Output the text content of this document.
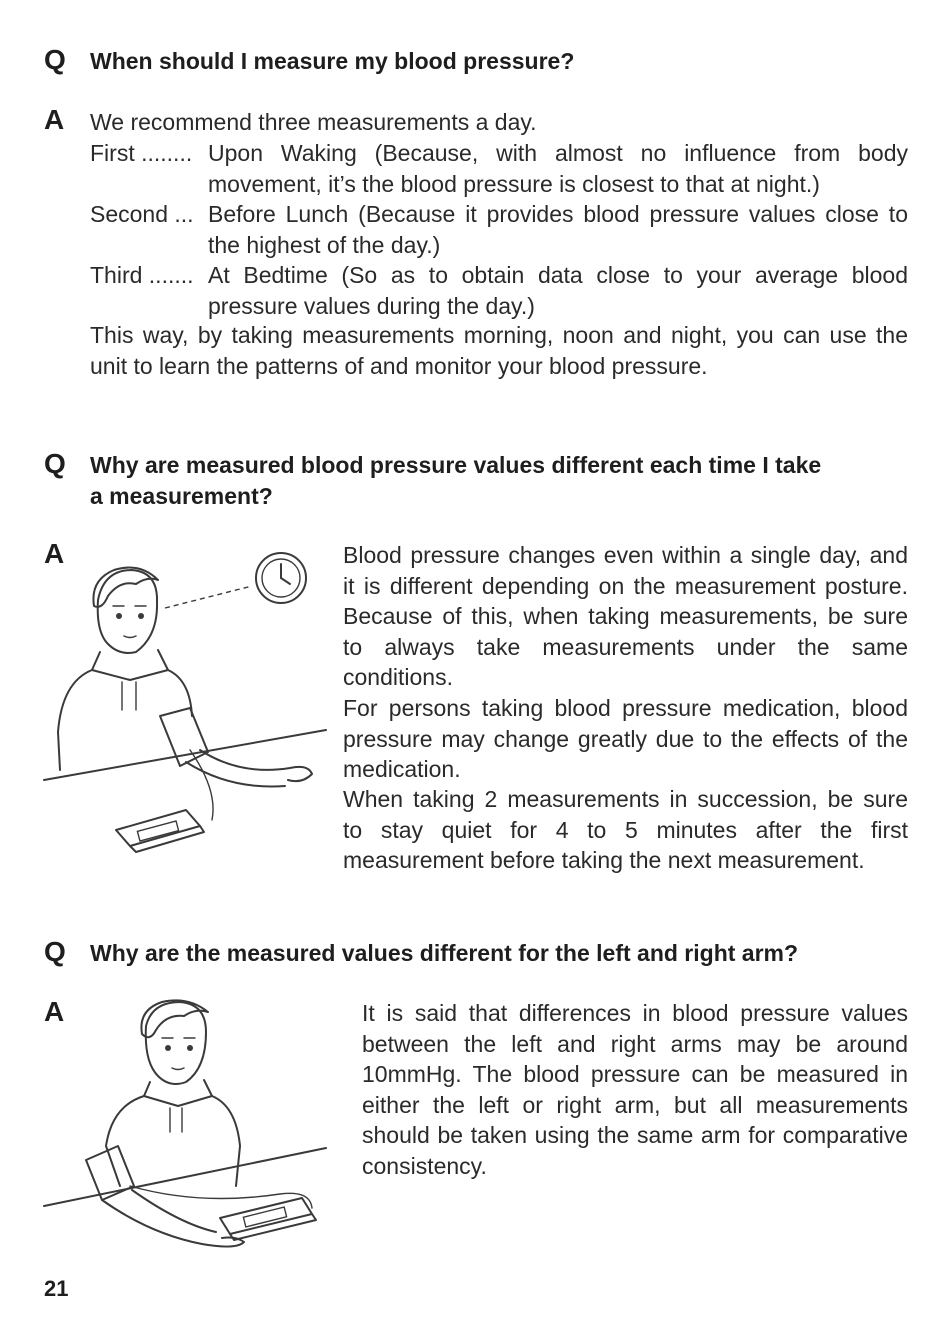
Q When should I measure my blood pressure?
A We recommend three measurements a day.
First ........ Upon Waking (Because, with almost no influence from body movement, it’s the blood pressure is closest to that at night.)
Second ... Before Lunch (Because it provides blood pressure values close to the highest of the day.)
Third ....... At Bedtime (So as to obtain data close to your average blood pressure values during the day.)
This way, by taking measurements morning, noon and night, you can use the unit to learn the patterns of and monitor your blood pressure.
Q Why are measured blood pressure values different each time I take
a measurement?
A	Blood pressure changes even within a single day, and it is different depending on the measurement posture. Because of this, when taking measurements, be sure to always take measurements under the same conditions.
For persons taking blood pressure medication, blood pressure may change greatly due to the effects of the medication.
When taking 2 measurements in succession, be sure to stay quiet for 4 to 5 minutes after the first measurement before taking the next measurement.
Q Why are the measured values different for the left and right arm?
A	It is said that differences in blood pressure values between the left and right arms may be around 10mmHg. The blood pressure can be measured in either the left or right arm, but all measurements should be taken using the same arm for comparative consistency.
21
